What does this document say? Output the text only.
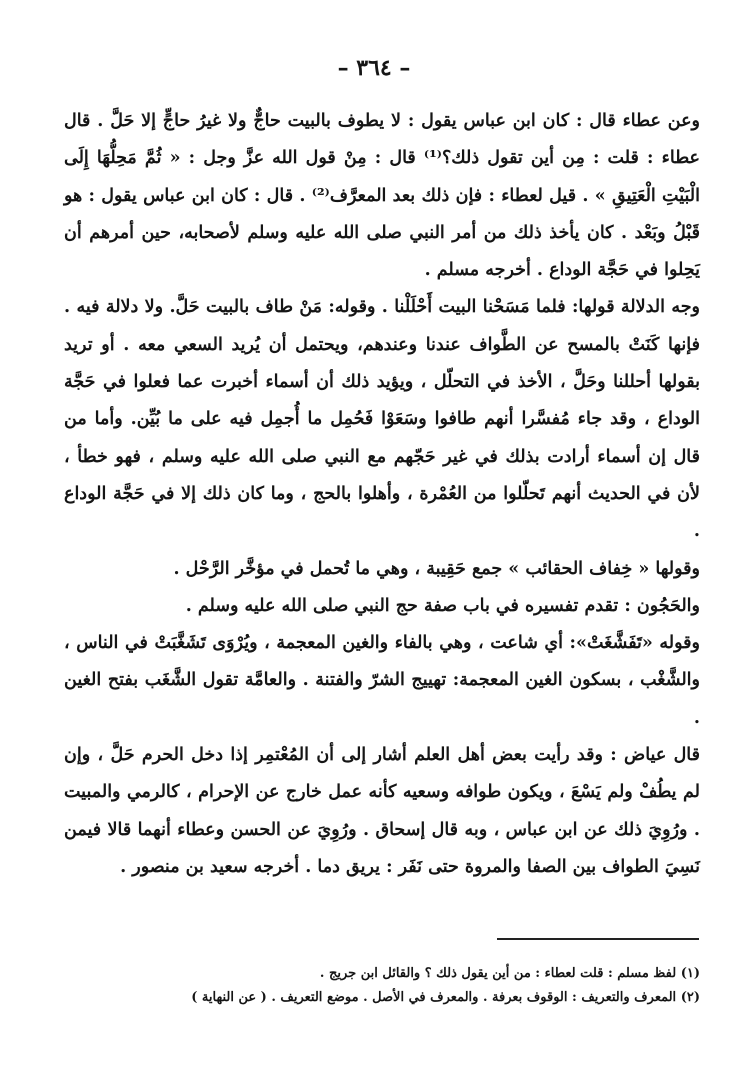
– ٣٦٤ –

وعن عطاء قال : كان ابن عباس يقول : لا يطوف بالبيت حاجٌّ ولا غيرُ حاجٍّ إلا حَلَّ . قال عطاء : قلت : مِن أين تقول ذلك؟⁽¹⁾ قال : مِنْ قول الله عزَّ وجل : « ثُمَّ مَحِلُّهَا إِلَى الْبَيْتِ الْعَتِيقِ » . قيل لعطاء : فإن ذلك بعد المعرَّف⁽²⁾ . قال : كان ابن عباس يقول : هو قَبْلُ وبَعْد . كان يأخذ ذلك من أمر النبي صلى الله عليه وسلم لأصحابه، حين أمرهم أن يَحِلوا في حَجَّة الوداع . أخرجه مسلم .

وجه الدلالة قولها: فلما مَسَحْنا البيت أَحْلَلْنا . وقوله: مَنْ طاف بالبيت حَلَّ. ولا دلالة فيه . فإنها كَنَتْ بالمسح عن الطَّواف عندنا وعندهم، ويحتمل أن يُريد السعي معه . أو تريد بقولها أحللنا وحَلَّ ، الأخذ في التحلّل ، ويؤيد ذلك أن أسماء أخبرت عما فعلوا في حَجَّة الوداع ، وقد جاء مُفسَّرا أنهم طافوا وسَعَوْا فَحُمِل ما أُجمِل فيه على ما بُيِّن. وأما من قال إن أسماء أرادت بذلك في غير حَجّهم مع النبي صلى الله عليه وسلم ، فهو خطأ ، لأن في الحديث أنهم تَحلّلوا من العُمْرة ، وأهلوا بالحج ، وما كان ذلك إلا في حَجَّة الوداع .

وقولها « خِفاف الحقائب » جمع حَقِيبة ، وهي ما تُحمل في مؤخَّر الرَّحْل .

والحَجُون : تقدم تفسيره في باب صفة حج النبي صلى الله عليه وسلم .

وقوله «تَفَشَّغَتْ»: أي شاعت ، وهي بالفاء والغين المعجمة ، ويُرْوَى تَشَغَّبَتْ في الناس ، والشَّغْب ، بسكون الغين المعجمة: تهييج الشرّ والفتنة . والعامَّة تقول الشَّغَب بفتح الغين .

قال عياض : وقد رأيت بعض أهل العلم أشار إلى أن المُعْتمِر إذا دخل الحرم حَلَّ ، وإن لم يطُفْ ولم يَسْعَ ، ويكون طوافه وسعيه كأنه عمل خارج عن الإحرام ، كالرمي والمبيت . ورُوِيَ ذلك عن ابن عباس ، وبه قال إسحاق . ورُوِيَ عن الحسن وعطاء أنهما قالا فيمن نَسِيَ الطواف بين الصفا والمروة حتى نَفَر : يريق دما . أخرجه سعيد بن منصور .

(١) لفظ مسلم : قلت لعطاء : من أين يقول ذلك ؟ والقائل ابن جريج .

(٢) المعرف والتعريف : الوقوف بعرفة . والمعرف في الأصل . موضع التعريف . ( عن النهاية )
